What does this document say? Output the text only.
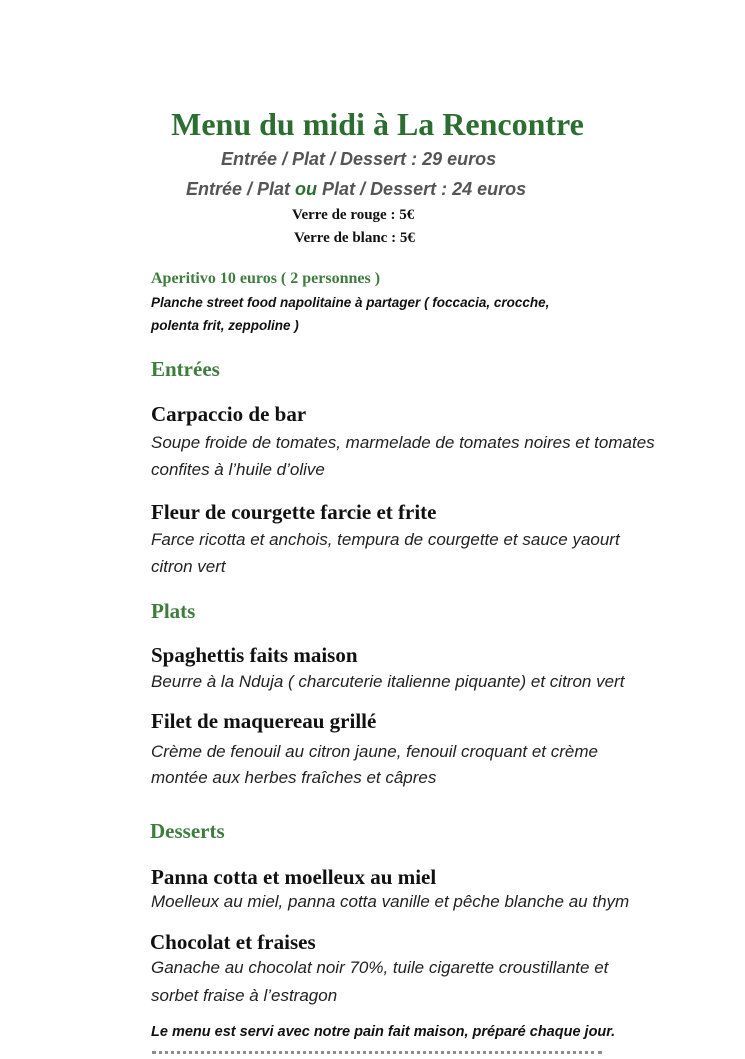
Menu du midi à La Rencontre
Entrée / Plat / Dessert : 29 euros
Entrée / Plat ou Plat / Dessert : 24 euros
Verre de rouge : 5€
Verre de blanc : 5€
Aperitivo 10 euros ( 2 personnes )
Planche street food napolitaine à partager ( foccacia, crocche,
polenta frit, zeppoline )
Entrées
Carpaccio de bar
Soupe froide de tomates, marmelade de tomates noires et tomates
confites à l’huile d’olive
Fleur de courgette farcie et frite
Farce ricotta et anchois, tempura de courgette et sauce yaourt
citron vert
Plats
Spaghettis faits maison
Beurre à la Nduja ( charcuterie italienne piquante) et citron vert
Filet de maquereau grillé
Crème de fenouil au citron jaune, fenouil croquant et crème
montée aux herbes fraîches et câpres
Desserts
Panna cotta et moelleux au miel
Moelleux au miel, panna cotta vanille et pêche blanche au thym
Chocolat et fraises
Ganache au chocolat noir 70%, tuile cigarette croustillante et
sorbet fraise à l’estragon
Le menu est servi avec notre pain fait maison, préparé chaque jour.
